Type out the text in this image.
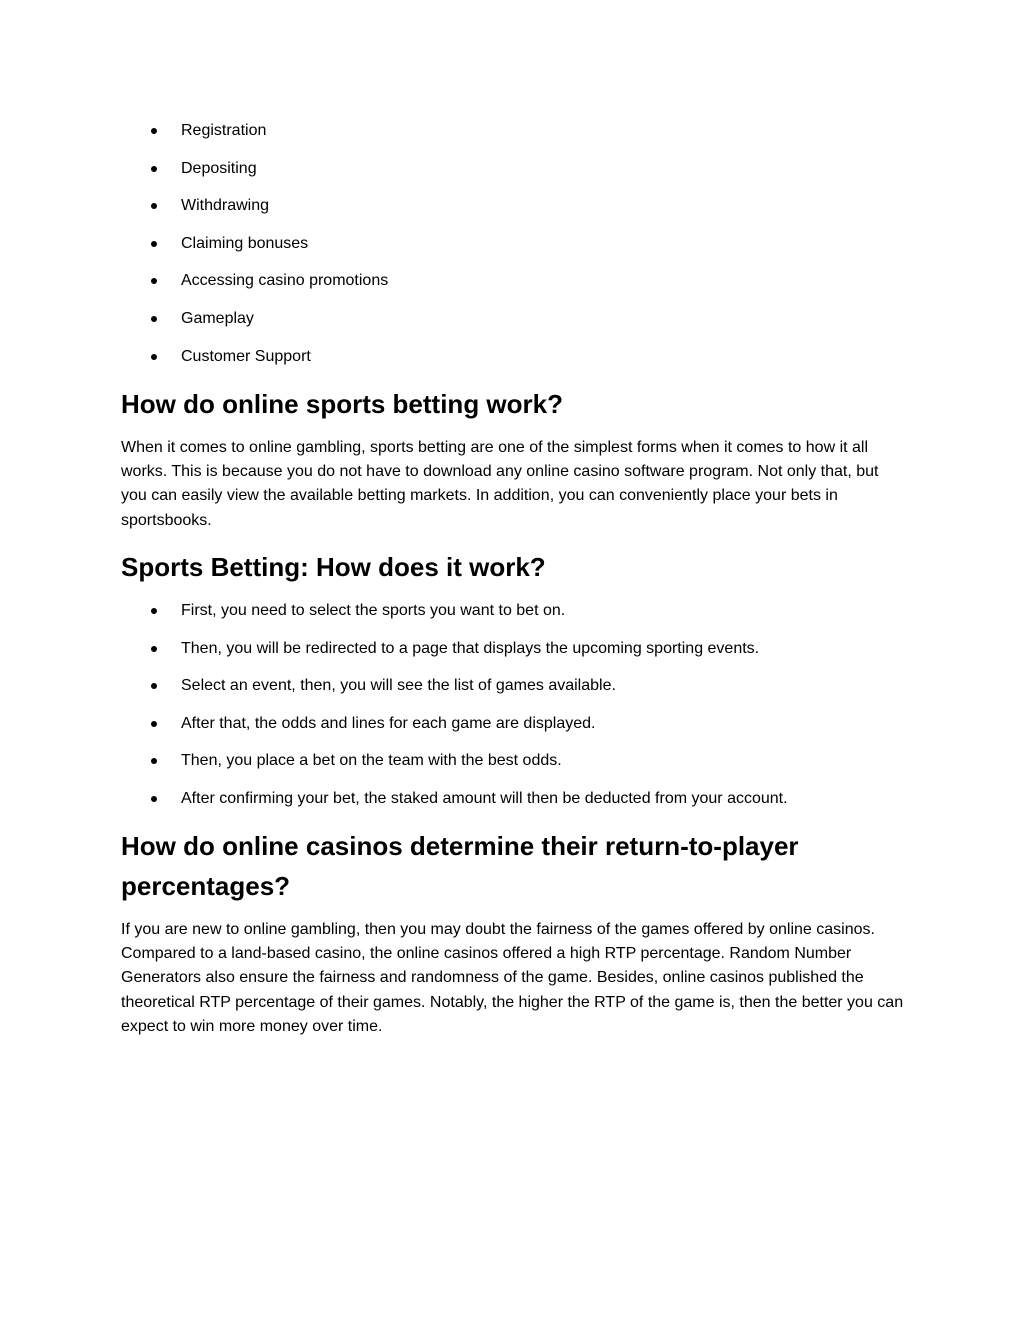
Registration
Depositing
Withdrawing
Claiming bonuses
Accessing casino promotions
Gameplay
Customer Support
How do online sports betting work?

When it comes to online gambling, sports betting are one of the simplest forms when it comes to how it all works. This is because you do not have to download any online casino software program. Not only that, but you can easily view the available betting markets. In addition, you can conveniently place your bets in sportsbooks.

Sports Betting: How does it work?
First, you need to select the sports you want to bet on.
Then, you will be redirected to a page that displays the upcoming sporting events.
Select an event, then, you will see the list of games available.
After that, the odds and lines for each game are displayed.
Then, you place a bet on the team with the best odds.
After confirming your bet, the staked amount will then be deducted from your account.
How do online casinos determine their return-to-player percentages?

If you are new to online gambling, then you may doubt the fairness of the games offered by online casinos. Compared to a land-based casino, the online casinos offered a high RTP percentage. Random Number Generators also ensure the fairness and randomness of the game. Besides, online casinos published the theoretical RTP percentage of their games. Notably, the higher the RTP of the game is, then the better you can expect to win more money over time.
